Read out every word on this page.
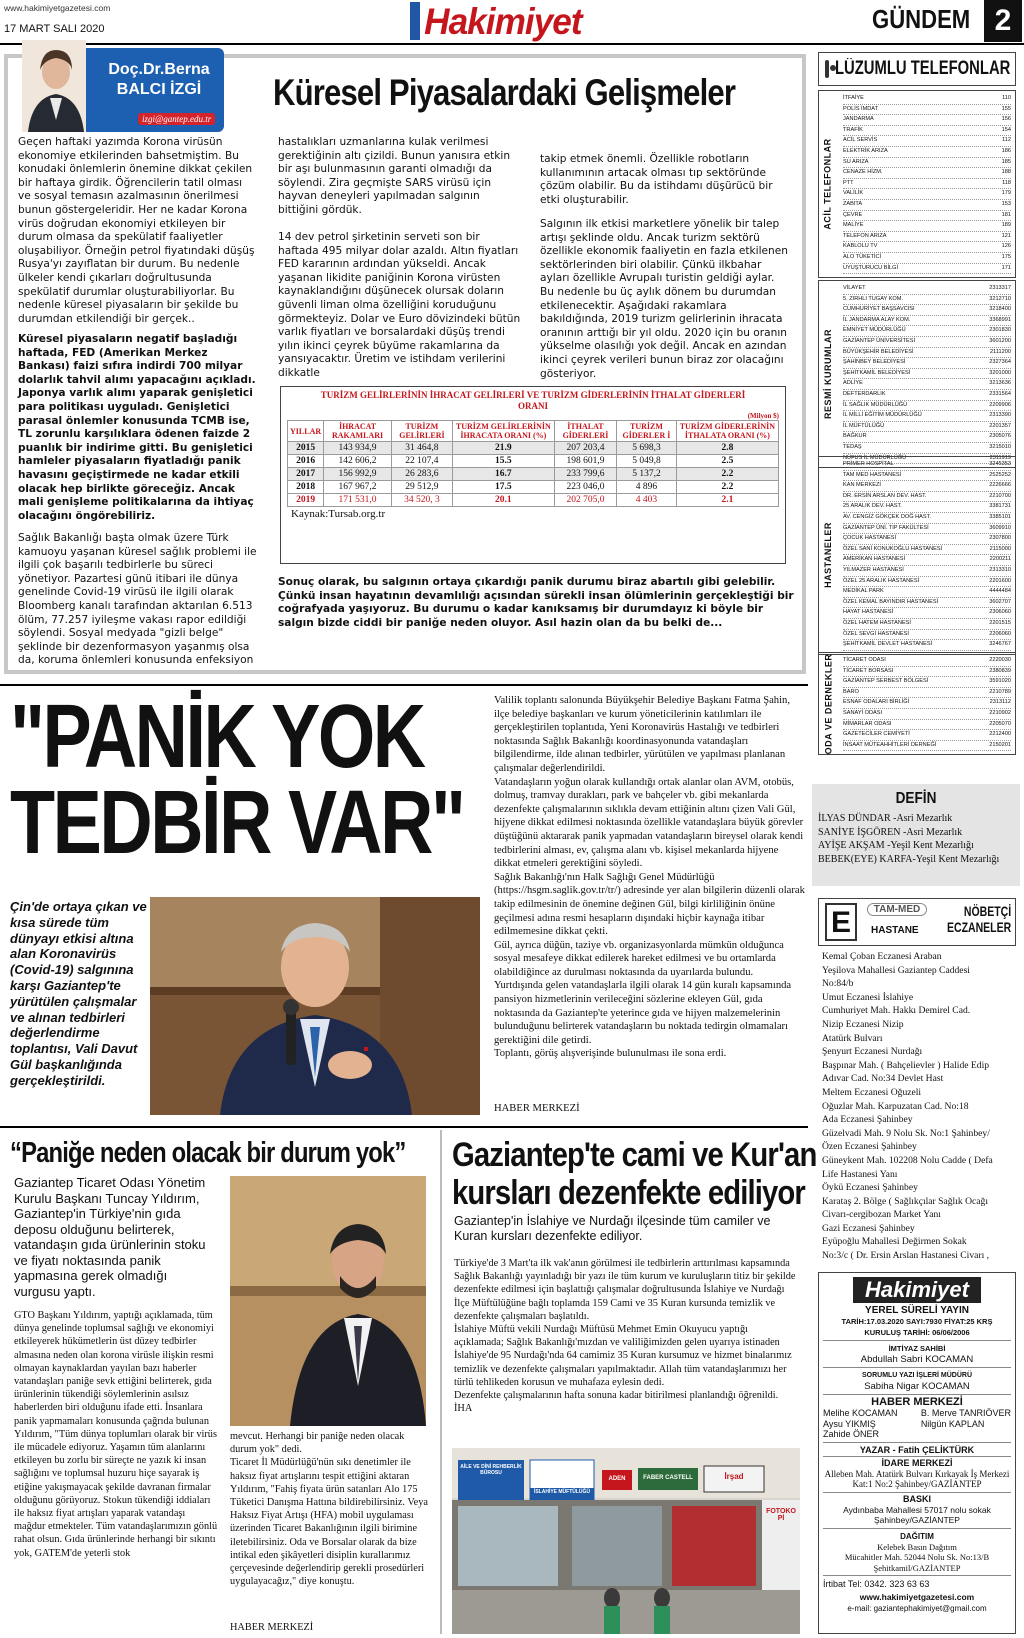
www.hakimiyetgazetesi.com
17 MART SALI 2020	Hakimiyet	GÜNDEM 2
Doç.Dr.Berna
BALCI İZGİ
izgi@gantep.edu.tr
Küresel Piyasalardaki Gelişmeler
Geçen haftaki yazımda Korona virüsün ekonomiye etkilerinden bahsetmiştim. Bu konudaki önlemlerin önemine dikkat çekilen bir haftaya girdik. Öğrencilerin tatil olması ve sosyal temasın azalmasının önerilmesi bunun göstergeleridir. Her ne kadar Korona virüs doğrudan ekonomiyi etkileyen bir durum olmasa da spekülatif faaliyetler oluşabiliyor. Örneğin petrol fiyatındaki düşüş Rusya'yı zayıflatan bir durum. Bu nedenle ülkeler kendi çıkarları doğrultusunda spekülatif durumlar oluşturabiliyorlar. Bu nedenle küresel piyasaların bir şekilde bu durumdan etkilendiği bir gerçek..
Küresel piyasaların negatif başladığı haftada, FED (Amerikan Merkez Bankası) faizi sıfıra indirdi 700 milyar dolarlık tahvil alımı yapacağını açıkladı. Japonya varlık alımı yaparak genişletici para politikası uyguladı. Genişletici parasal önlemler konusunda TCMB ise, TL zorunlu karşılıklara ödenen faizde 2 puanlık bir indirime gitti. Bu genişletici hamleler piyasaların fiyatladığı panik havasını geçiştirmede ne kadar etkili olacak hep birlikte göreceğiz. Ancak mali genişleme politikalarına da ihtiyaç olacağını öngörebiliriz.
Sağlık Bakanlığı başta olmak üzere Türk kamuoyu yaşanan küresel sağlık problemi ile ilgili çok başarılı tedbirlerle bu süreci yönetiyor. Pazartesi günü itibari ile dünya genelinde Covid-19 virüsü ile ilgili olarak Bloomberg kanalı tarafından aktarılan 6.513 ölüm, 77.257 iyileşme vakası rapor edildiği söylendi. Sosyal medyada "gizli belge" şeklinde bir dezenformasyon yaşanmış olsa da, koruma önlemleri konusunda enfeksiyon
hastalıkları uzmanlarına kulak verilmesi gerektiğinin altı çizildi. Bunun yanısıra etkin bir aşı bulunmasının garanti olmadığı da söylendi. Zira geçmişte SARS virüsü için hayvan deneyleri yapılmadan salgının bittiğini gördük.
14 dev petrol şirketinin serveti son bir haftada 495 milyar dolar azaldı. Altın fiyatları FED kararının ardından yükseldi. Ancak yaşanan likidite paniğinin Korona virüsten kaynaklandığını düşünecek olursak doların güvenli liman olma özelliğini koruduğunu görmekteyiz. Dolar ve Euro dövizindeki bütün varlık fiyatları ve borsalardaki düşüş trendi yılın ikinci çeyrek büyüme rakamlarına da yansıyacaktır. Üretim ve istihdam verilerini dikkatle
takip etmek önemli. Özellikle robotların kullanımının artacak olması tıp sektöründe çözüm olabilir. Bu da istihdamı düşürücü bir etki oluşturabilir.
Salgının ilk etkisi marketlere yönelik bir talep artışı şeklinde oldu. Ancak turizm sektörü özellikle ekonomik faaliyetin en fazla etkilenen sektörlerinden biri olabilir. Çünkü ilkbahar ayları özellikle Avrupalı turistin geldiği aylar. Bu nedenle bu üç aylık dönem bu durumdan etkilenecektir. Aşağıdaki rakamlara bakıldığında, 2019 turizm gelirlerinin ihracata oranının arttığı bir yıl oldu. 2020 için bu oranın yükselme olasılığı yok değil. Ancak en azından ikinci çeyrek verileri bunun biraz zor olacağını gösteriyor.
TURİZM GELİRLERİNİN İHRACAT GELİRLERİ VE TURİZM GİDERLERİNİN İTHALAT GİDERLERİ ORANI
(Milyon $)
YILLAR	İHRACAT RAKAMLARI	TURİZM GELİRLERİ	TURİZM GELİRLERİNİN İHRACATA ORANI (%)	İTHALAT GİDERLERİ	TURİZM GİDERLER İ	TURİZM GİDERLERİNİN İTHALATA ORANI (%)
2015	143 934,9	31 464,8	21.9	207 203,4	5 698,3	2.8
2016	142 606,2	22 107,4	15.5	198 601,9	5 049,8	2.5
2017	156 992,9	26 283,6	16.7	233 799,6	5 137,2	2.2
2018	167 967,2	29 512,9	17.5	223 046,0	4 896	2.2
2019	171 531,0	34 520, 3	20.1	202 705,0	4 403	2.1
Kaynak:Tursab.org.tr
Sonuç olarak, bu salgının ortaya çıkardığı panik durumu biraz abartılı gibi gelebilir. Çünkü insan hayatının devamlılığı açısından sürekli insan ölümlerinin gerçekleştiği bir coğrafyada yaşıyoruz. Bu durumu o kadar kanıksamış bir durumdayız ki böyle bir salgın bizde ciddi bir paniğe neden oluyor. Asıl hazin olan da bu belki de...
"PANİK YOK
TEDBİR VAR"
Çin'de ortaya çıkan ve kısa sürede tüm dünyayı etkisi altına alan Koronavirüs (Covid-19) salgınına karşı Gaziantep'te yürütülen çalışmalar ve alınan tedbirleri değerlendirme toplantısı, Vali Davut Gül başkanlığında gerçekleştirildi.
Valilik toplantı salonunda Büyükşehir Belediye Başkanı Fatma Şahin, ilçe belediye başkanları ve kurum yöneticilerinin katılımları ile gerçekleştirilen toplantıda, Yeni Koronavirüs Hastalığı ve tedbirleri noktasında Sağlık Bakanlığı koordinasyonunda vatandaşları bilgilendirme, ilde alınan tedbirler, yürütülen ve yapılması planlanan çalışmalar değerlendirildi.
Vatandaşların yoğun olarak kullandığı ortak alanlar olan AVM, otobüs, dolmuş, tramvay durakları, park ve bahçeler vb. gibi mekanlarda dezenfekte çalışmalarının sıklıkla devam ettiğinin altını çizen Vali Gül, hijyene dikkat edilmesi noktasında özellikle vatandaşlara büyük görevler düştüğünü aktararak panik yapmadan vatandaşların bireysel olarak kendi tedbirlerini alması, ev, çalışma alanı vb. kişisel mekanlarda hijyene dikkat etmeleri gerektiğini söyledi.
Sağlık Bakanlığı'nın Halk Sağlığı Genel Müdürlüğü (https://hsgm.saglik.gov.tr/tr/) adresinde yer alan bilgilerin düzenli olarak takip edilmesinin de önemine değinen Gül, bilgi kirliliğinin önüne geçilmesi adına resmi hesapların dışındaki hiçbir kaynağa itibar edilmemesine dikkat çekti.
Gül, ayrıca düğün, taziye vb. organizasyonlarda mümkün olduğunca sosyal mesafeye dikkat edilerek hareket edilmesi ve bu ortamlarda olabildiğince az durulması noktasında da uyarılarda bulundu.
Yurtdışında gelen vatandaşlarla ilgili olarak 14 gün kuralı kapsamında pansiyon hizmetlerinin verileceğini sözlerine ekleyen Gül, gıda noktasında da Gaziantep'te yeterince gıda ve hijyen malzemelerinin bulunduğunu belirterek vatandaşların bu noktada tedirgin olmamaları gerektiğini dile getirdi.
Toplantı, görüş alışverişinde bulunulması ile sona erdi.
HABER MERKEZİ
“Paniğe neden olacak bir durum yok”
Gaziantep Ticaret Odası Yönetim Kurulu Başkanı Tuncay Yıldırım, Gaziantep'in Türkiye'nin gıda deposu olduğunu belirterek, vatandaşın gıda ürünlerinin stoku ve fiyatı noktasında panik yapmasına gerek olmadığı vurgusu yaptı.
GTO Başkanı Yıldırım, yaptığı açıklamada, tüm dünya genelinde toplumsal sağlığı ve ekonomiyi etkileyerek hükümetlerin üst düzey tedbirler almasına neden olan korona virüsle ilişkin resmi olmayan kaynaklardan yayılan bazı haberler vatandaşları paniğe sevk ettiğini belirterek, gıda ürünlerinin tükendiği söylemlerinin asılsız haberlerden biri olduğunu ifade etti. İnsanlara panik yapmamaları konusunda çağrıda bulunan Yıldırım, "Tüm dünya toplumları olarak bir virüs ile mücadele ediyoruz. Yaşamın tüm alanlarını etkileyen bu zorlu bir süreçte ne yazık ki insan sağlığını ve toplumsal huzuru hiçe sayarak iş etiğine yakışmayacak şekilde davranan firmalar olduğunu görüyoruz. Stokun tükendiği iddiaları ile haksız fiyat artışları yaparak vatandaşı mağdur etmekteler. Tüm vatandaşlarımızın gönlü rahat olsun. Gıda ürünlerinde herhangi bir sıkıntı yok, GATEM'de yeterli stok
mevcut. Herhangi bir paniğe neden olacak durum yok" dedi.
Ticaret İl Müdürlüğü'nün sıkı denetimler ile haksız fiyat artışlarını tespit ettiğini aktaran Yıldırım, "Fahiş fiyata ürün satanları Alo 175 Tüketici Danışma Hattına bildirebilirsiniz. Veya Haksız Fiyat Artışı (HFA) mobil uygulaması üzerinden Ticaret Bakanlığının ilgili birimine iletebilirsiniz. Oda ve Borsalar olarak da bize intikal eden şikâyetleri disiplin kurallarımız çerçevesinde değerlendirip gerekli prosedürleri uygulayacağız," diye konuştu.
HABER MERKEZİ
Gaziantep'te cami ve Kur'an
kursları dezenfekte ediliyor
Gaziantep'in İslahiye ve Nurdağı ilçesinde tüm camiler ve Kuran kursları dezenfekte ediliyor.
Türkiye'de 3 Mart'ta ilk vak'anın görülmesi ile tedbirlerin arttırılması kapsamında Sağlık Bakanlığı yayınladığı bir yazı ile tüm kurum ve kuruluşların titiz bir şekilde dezenfekte edilmesi için başlattığı çalışmalar doğrultusunda İslahiye ve Nurdağı İlçe Müftülüğüne bağlı toplamda 159 Cami ve 35 Kuran kursunda temizlik ve dezenfekte çalışmaları başlatıldı.
İslahiye Müftü vekili Nurdağı Müftüsü Mehmet Emin Okuyucu yaptığı açıklamada; Sağlık Bakanlığı'mızdan ve valiliğimizden gelen uyarıya istinaden İslahiye'de 95 Nurdağı'nda 64 camimiz 35 Kuran kursumuz ve hizmet binalarımız temizlik ve dezenfekte çalışmaları yapılmaktadır. Allah tüm vatandaşlarımızı her türlü tehlikeden korusun ve muhafaza eylesin dedi.
Dezenfekte çalışmalarının hafta sonuna kadar bitirilmesi planlandığı öğrenildi. İHA
AİLE VE DİNİ REHBERLİK BÜROSU
İSLAHİYE MÜFTÜLÜĞÜ
ADEN	FABER CASTELL	İrşad
FOTOKOPİ
LÜZUMLU TELEFONLAR
ACİL TELEFONLAR
İTFAİYE	110
POLİS İMDAT	155
JANDARMA	156
TRAFİK	154
ACİL SERVİS	112
ELEKTRİK ARIZA	186
SU ARIZA	185
CENAZE HİZM.	188
PTT	118
VALİLİK	179
ZABITA	153
ÇEVRE	181
MALİYE	189
TELEFON ARIZA	121
KABLOLU TV	126
ALO TÜKETİCİ	175
UYUŞTURUCU BİLGİ	171
RESMİ KURUMLAR
VİLAYET	2313317
5. ZIRHLI TUGAY KOM.	3212710
CUMHURİYET BAŞSAVCISI	3218400
İL JANDARMA ALAY KOM.	3368991
EMNİYET MÜDÜRLÜĞÜ	2301830
GAZİANTEP ÜNİVERSİTESİ	3601200
BÜYÜKŞEHİR BELEDİYESİ	2111200
ŞAHİNBEY BELEDİYESİ	2327364
ŞEHİTKAMİL BELEDİYESİ	3201000
ADLİYE	3213636
DEFTERDARLIK	2331564
İL SAĞLIK MÜDÜRLÜĞÜ	2209906
İL MİLLİ EĞİTİM MÜDÜRLÜĞÜ	2313390
İL MÜFTÜLÜĞÜ	2201357
BAĞKUR	2305076
TEDAŞ	3215010
NÜFUS İL MÜDÜRLÜĞÜ	2311919
HASTANELER
PRİMER HOSPİTAL	3245353
TAM MED HASTANESİ	2525252
KAN MERKEZİ	2226666
DR. ERSİN ARSLAN DEV. HAST.	2210700
25 ARALIK DEV. HAST.	3381731
AV. CENGİZ GÖKÇEK DOĞ HAST.	3385101
GAZİANTEP ÜNİ. TIP FAKÜLTESİ	3609910
ÇOCUK HASTANESİ	2307800
ÖZEL SANİ KONUKOĞLU HASTANESİ	2115000
AMERİKAN HASTANESİ	2200211
YILMAZER HASTANESİ	2313310
ÖZEL 25 ARALIK HASTANESİ	2201600
MEDİKAL PARK	4444484
ÖZEL KEMAL BAYINDIR HASTANESİ	3602707
HAYAT HASTANESİ	2306060
ÖZEL HATEM HASTANESİ	2201515
ÖZEL SEVGİ HASTANESİ	2206060
ŞEHİTKAMİL DEVLET HASTANESİ	3246767
ODA VE DERNEKLER TİCARET ODASI	2220030
TİCARET BORSASI	2380839
GAZİANTEP SERBEST BÖLGESİ	3591020
BARO	2210789
ESNAF ODALARI BİRLİĞİ	2313112
SANAYİ ODASI	2210902
MİMARLAR ODASI	2205070
GAZETECİLER CEMİYETİ	2212400
İNSAAT MÜTEAHHİTLERİ DERNEĞİ	2150201
DEFİN
İLYAS DÜNDAR -Asri Mezarlık
SANİYE İŞGÖREN -Asri Mezarlık
AYİŞE AKŞAM -Yeşil Kent Mezarlığı
BEBEK(EYE) KARFA-Yeşil Kent Mezarlığı
E	TAM-MED
HASTANE
NÖBETÇİ
ECZANELER
Kemal Çoban Eczanesi Araban
Yeşilova Mahallesi Gaziantep Caddesi
No:84/b
Umut Eczanesi İslahiye
Cumhuriyet Mah. Hakkı Demirel Cad.
Nizip Eczanesi Nizip
Atatürk Bulvarı
Şenyurt Eczanesi Nurdağı
Başpınar Mah. ( Bahçelievler ) Halide Edip
Adıvar Cad. No:34 Devlet Hast
Meltem Eczanesi Oğuzeli
Oğuzlar Mah. Karpuzatan Cad. No:18
Ada Eczanesi Şahinbey
Güzelvadi Mah. 9 Nolu Sk. No:1 Şahinbey/
Özen Eczanesi Şahinbey
Güneykent Mah. 102208 Nolu Cadde ( Defa
Life Hastanesi Yanı
Öykü Eczanesi Şahinbey
Karataş 2. Bölge ( Sağlıkçılar Sağlık Ocağı
Civarı-cergibozan Market Yanı
Gazi Eczanesi Şahinbey
Eyüpoğlu Mahallesi Değirmen Sokak
No:3/c ( Dr. Ersin Arslan Hastanesi Civarı ,
Hakimiyet
YEREL SÜRELİ YAYIN
TARİH:17.03.2020 SAYI:7930 FİYAT:25 KRŞ
KURULUŞ TARİHİ: 06/06/2006
İMTİYAZ SAHİBİ
Abdullah Sabri KOCAMAN
SORUMLU YAZI İŞLERİ MÜDÜRÜ
Sabiha Nigar KOCAMAN
HABER MERKEZİ
Melihe KOCAMAN
Aysu YIKMIŞ
Zahide ÖNER
B. Merve TANRIÖVER
Nilgün KAPLAN
YAZAR - Fatih ÇELİKTÜRK
İDARE MERKEZİ
Alleben Mah. Atatürk Bulvarı Kırkayak İş Merkezi Kat:1 No:2 Şahinbey/GAZİANTEP
BASKI
Aydınbaba Mahallesi 57017 nolu sokak Şahinbey/GAZİANTEP
DAĞITIM
Kelebek Basın Dağıtım
Mücahitler Mah. 52044 Nolu Sk. No:13/B Şehitkamil/GAZİANTEP
İrtibat Tel: 0342. 323 63 63
www.hakimiyetgazetesi.com
e-mail: gaziantephakimiyet@gmail.com
